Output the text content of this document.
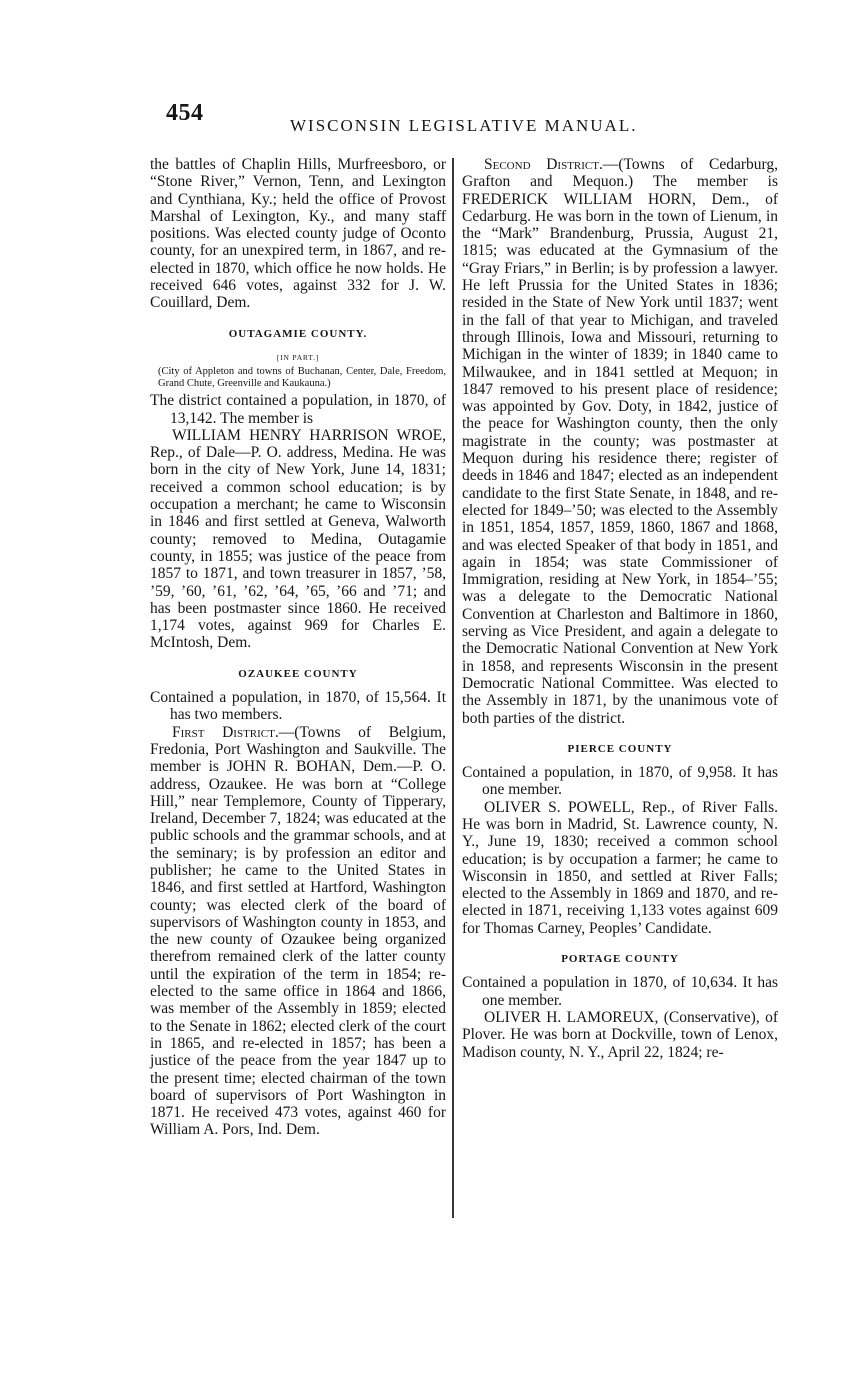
454	WISCONSIN LEGISLATIVE MANUAL.

the battles of Chaplin Hills, Murfreesboro, or “Stone River,” Vernon, Tenn, and Lexington and Cynthiana, Ky.; held the office of Provost Marshal of Lexington, Ky., and many staff positions. Was elected county judge of Oconto county, for an unexpired term, in 1867, and re-elected in 1870, which office he now holds. He received 646 votes, against 332 for J. W. Couillard, Dem.

OUTAGAMIE COUNTY.

[IN PART.]

(City of Appleton and towns of Buchanan, Center, Dale, Freedom, Grand Chute, Greenville and Kaukauna.)

The district contained a population, in 1870, of 13,142. The member is

WILLIAM HENRY HARRISON WROE, Rep., of Dale—P. O. address, Medina. He was born in the city of New York, June 14, 1831; received a common school education; is by occupation a merchant; he came to Wisconsin in 1846 and first settled at Geneva, Walworth county; removed to Medina, Outagamie county, in 1855; was justice of the peace from 1857 to 1871, and town treasurer in 1857, ’58, ’59, ’60, ’61, ’62, ’64, ’65, ’66 and ’71; and has been postmaster since 1860. He received 1,174 votes, against 969 for Charles E. McIntosh, Dem.

OZAUKEE COUNTY

Contained a population, in 1870, of 15,564. It has two members.

First District.—(Towns of Belgium, Fredonia, Port Washington and Saukville. The member is JOHN R. BOHAN, Dem.—P. O. address, Ozaukee. He was born at “College Hill,” near Templemore, County of Tipperary, Ireland, December 7, 1824; was educated at the public schools and the grammar schools, and at the seminary; is by profession an editor and publisher; he came to the United States in 1846, and first settled at Hartford, Washington county; was elected clerk of the board of supervisors of Washington county in 1853, and the new county of Ozaukee being organized therefrom remained clerk of the latter county until the expiration of the term in 1854; re-elected to the same office in 1864 and 1866, was member of the Assembly in 1859; elected to the Senate in 1862; elected clerk of the court in 1865, and re-elected in 1857; has been a justice of the peace from the year 1847 up to the present time; elected chairman of the town board of supervisors of Port Washington in 1871. He received 473 votes, against 460 for William A. Pors, Ind. Dem.

Second District.—(Towns of Cedarburg, Grafton and Mequon.) The member is FREDERICK WILLIAM HORN, Dem., of Cedarburg. He was born in the town of Lienum, in the “Mark” Brandenburg, Prussia, August 21, 1815; was educated at the Gymnasium of the “Gray Friars,” in Berlin; is by profession a lawyer. He left Prussia for the United States in 1836; resided in the State of New York until 1837; went in the fall of that year to Michigan, and traveled through Illinois, Iowa and Missouri, returning to Michigan in the winter of 1839; in 1840 came to Milwaukee, and in 1841 settled at Mequon; in 1847 removed to his present place of residence; was appointed by Gov. Doty, in 1842, justice of the peace for Washington county, then the only magistrate in the county; was postmaster at Mequon during his residence there; register of deeds in 1846 and 1847; elected as an independent candidate to the first State Senate, in 1848, and re-elected for 1849–’50; was elected to the Assembly in 1851, 1854, 1857, 1859, 1860, 1867 and 1868, and was elected Speaker of that body in 1851, and again in 1854; was state Commissioner of Immigration, residing at New York, in 1854–’55; was a delegate to the Democratic National Convention at Charleston and Baltimore in 1860, serving as Vice President, and again a delegate to the Democratic National Convention at New York in 1858, and represents Wisconsin in the present Democratic National Committee. Was elected to the Assembly in 1871, by the unanimous vote of both parties of the district.

PIERCE COUNTY

Contained a population, in 1870, of 9,958. It has one member.

OLIVER S. POWELL, Rep., of River Falls. He was born in Madrid, St. Lawrence county, N. Y., June 19, 1830; received a common school education; is by occupation a farmer; he came to Wisconsin in 1850, and settled at River Falls; elected to the Assembly in 1869 and 1870, and re-elected in 1871, receiving 1,133 votes against 609 for Thomas Carney, Peoples’ Candidate.

PORTAGE COUNTY

Contained a population in 1870, of 10,634. It has one member.

OLIVER H. LAMOREUX, (Conservative), of Plover. He was born at Dockville, town of Lenox, Madison county, N. Y., April 22, 1824; re-
